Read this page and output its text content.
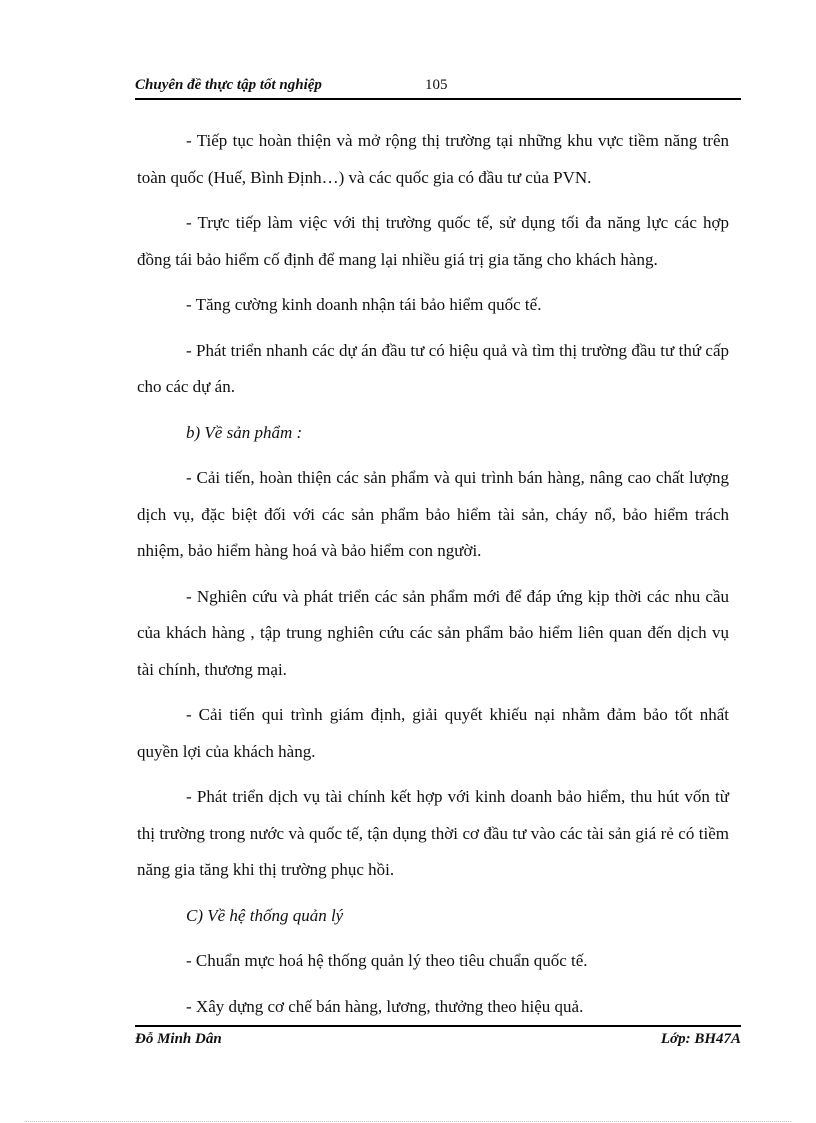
Chuyên đề thực tập tốt nghiệp	105

- Tiếp tục hoàn thiện và mở rộng thị trường tại những khu vực tiềm năng trên toàn quốc (Huế, Bình Định…) và các quốc gia có đầu tư của PVN.

- Trực tiếp làm việc với thị trường quốc tế, sử dụng tối đa năng lực các hợp đồng tái bảo hiểm cố định để mang lại nhiều giá trị gia tăng cho khách hàng.

- Tăng cường kinh doanh nhận tái bảo hiểm quốc tế.

- Phát triển nhanh các dự án đầu tư có hiệu quả và tìm thị trường đầu tư thứ cấp cho các dự án.

b) Về sản phẩm :

- Cải tiến, hoàn thiện các sản phẩm và qui trình bán hàng, nâng cao chất lượng dịch vụ, đặc biệt đối với các sản phẩm bảo hiểm tài sản, cháy nổ, bảo hiểm trách nhiệm, bảo hiểm hàng hoá và bảo hiểm con người.

- Nghiên cứu và phát triển các sản phẩm mới để đáp ứng kịp thời các nhu cầu của khách hàng , tập trung nghiên cứu các sản phẩm bảo hiểm liên quan đến dịch vụ tài chính, thương mại.

- Cải tiến qui trình giám định, giải quyết khiếu nại nhằm đảm bảo tốt nhất quyền lợi của khách hàng.

- Phát triển dịch vụ tài chính kết hợp với kinh doanh bảo hiểm, thu hút vốn từ thị trường trong nước và quốc tế, tận dụng thời cơ đầu tư vào các tài sản giá rẻ có tiềm năng gia tăng khi thị trường phục hồi.

C) Về hệ thống quản lý

- Chuẩn mực hoá hệ thống quản lý theo tiêu chuẩn quốc tế.

- Xây dựng cơ chế bán hàng, lương, thưởng theo hiệu quả.

Đỗ Minh Dân	Lớp: BH47A
